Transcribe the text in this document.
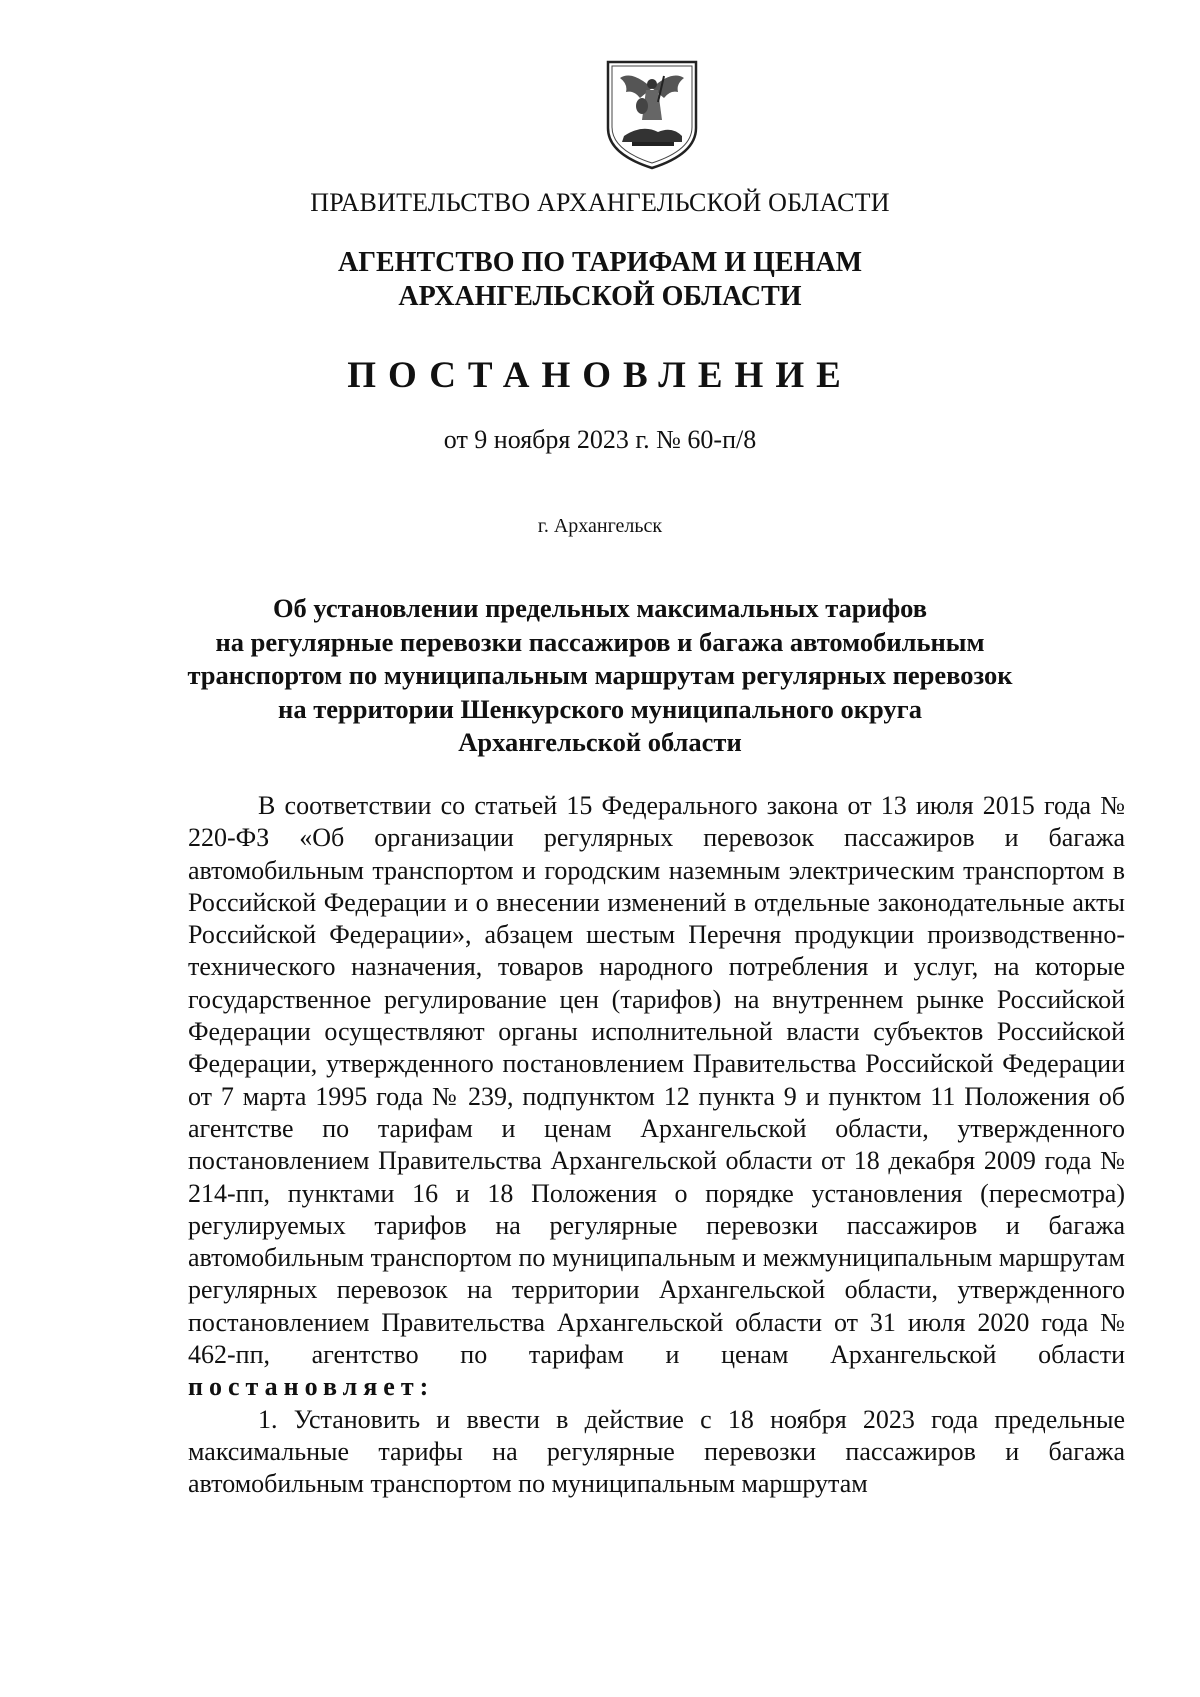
ПРАВИТЕЛЬСТВО АРХАНГЕЛЬСКОЙ ОБЛАСТИ
АГЕНТСТВО ПО ТАРИФАМ И ЦЕНАМ
АРХАНГЕЛЬСКОЙ ОБЛАСТИ
ПОСТАНОВЛЕНИЕ
от 9 ноября 2023 г. № 60-п/8
г. Архангельск
Об установлении предельных максимальных тарифов
на регулярные перевозки пассажиров и багажа автомобильным
транспортом по муниципальным маршрутам регулярных перевозок
на территории Шенкурского муниципального округа
Архангельской области

В соответствии со статьей 15 Федерального закона от 13 июля 2015 года № 220-ФЗ «Об организации регулярных перевозок пассажиров и багажа автомобильным транспортом и городским наземным электрическим транспортом в Российской Федерации и о внесении изменений в отдельные законодательные акты Российской Федерации», абзацем шестым Перечня продукции производственно-технического назначения, товаров народного потребления и услуг, на которые государственное регулирование цен (тарифов) на внутреннем рынке Российской Федерации осуществляют органы исполнительной власти субъектов Российской Федерации, утвержденного постановлением Правительства Российской Федерации от 7 марта 1995 года № 239, подпунктом 12 пункта 9 и пунктом 11 Положения об агентстве по тарифам и ценам Архангельской области, утвержденного постановлением Правительства Архангельской области от 18 декабря 2009 года № 214-пп, пунктами 16 и 18 Положения о порядке установления (пересмотра) регулируемых тарифов на регулярные перевозки пассажиров и багажа автомобильным транспортом по муниципальным и межмуниципальным маршрутам регулярных перевозок на территории Архангельской области, утвержденного постановлением Правительства Архангельской области от 31 июля 2020 года № 462-пп, агентство по тарифам и ценам Архангельской области постановляет:

1. Установить и ввести в действие с 18 ноября 2023 года предельные максимальные тарифы на регулярные перевозки пассажиров и багажа автомобильным транспортом по муниципальным маршрутам
